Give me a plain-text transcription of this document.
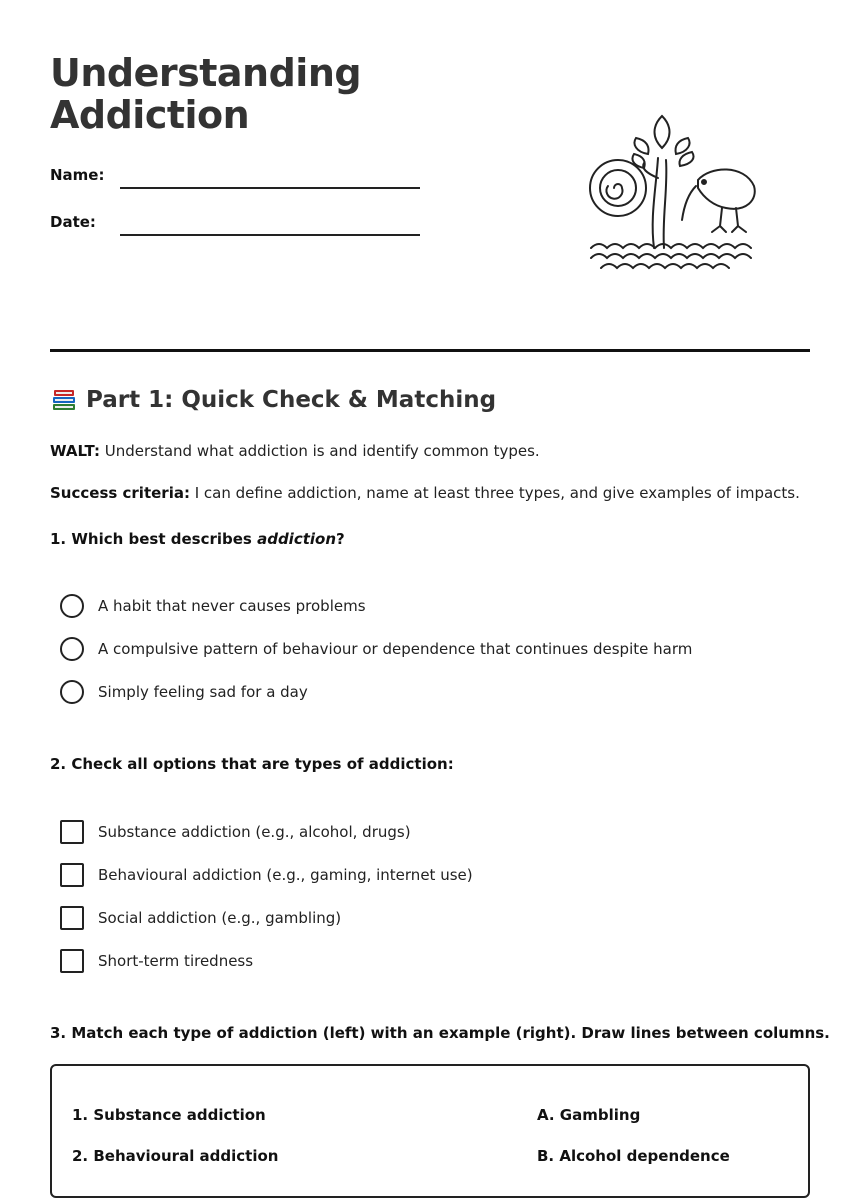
Understanding Addiction
Name:
Date:
Part 1: Quick Check & Matching
WALT: Understand what addiction is and identify common types.
Success criteria: I can define addiction, name at least three types, and give examples of impacts.
1. Which best describes addiction?
A habit that never causes problems
A compulsive pattern of behaviour or dependence that continues despite harm
Simply feeling sad for a day
2. Check all options that are types of addiction:
Substance addiction (e.g., alcohol, drugs)
Behavioural addiction (e.g., gaming, internet use)
Social addiction (e.g., gambling)
Short-term tiredness
3. Match each type of addiction (left) with an example (right). Draw lines between columns.
1. Substance addiction	A. Gambling
2. Behavioural addiction	B. Alcohol dependence
